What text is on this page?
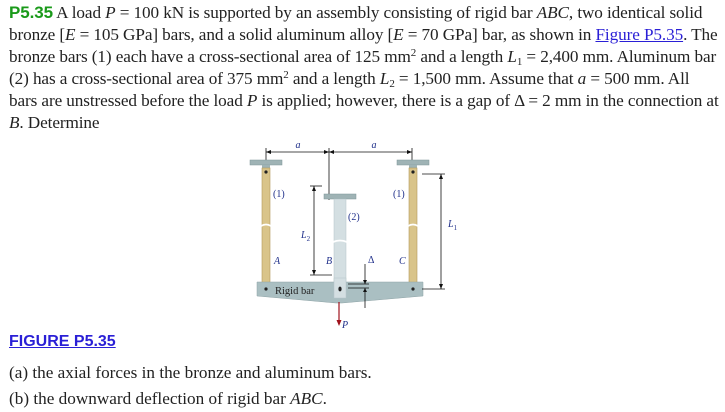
P5.35 A load P = 100 kN is supported by an assembly consisting of rigid bar ABC, two identical solid bronze [E = 105 GPa] bars, and a solid aluminum alloy [E = 70 GPa] bar, as shown in Figure P5.35. The bronze bars (1) each have a cross-sectional area of 125 $mm^2$ and a length $L_1 = 2,400$ mm. Aluminum bar (2) has a cross-sectional area of 375 $mm^2$ and a length $L_2 = 1,500$ mm. Assume that a = 500 mm. All bars are unstressed before the load P is applied; however, there is a gap of Δ = 2 mm in the connection at B. Determine
a	a
(1)	(1)
(2)
A	B	C
Rigid bar
$L_2$
$L_1$
Δ
P
FIGURE P5.35
(a) the axial forces in the bronze and aluminum bars.
(b) the downward deflection of rigid bar ABC.
